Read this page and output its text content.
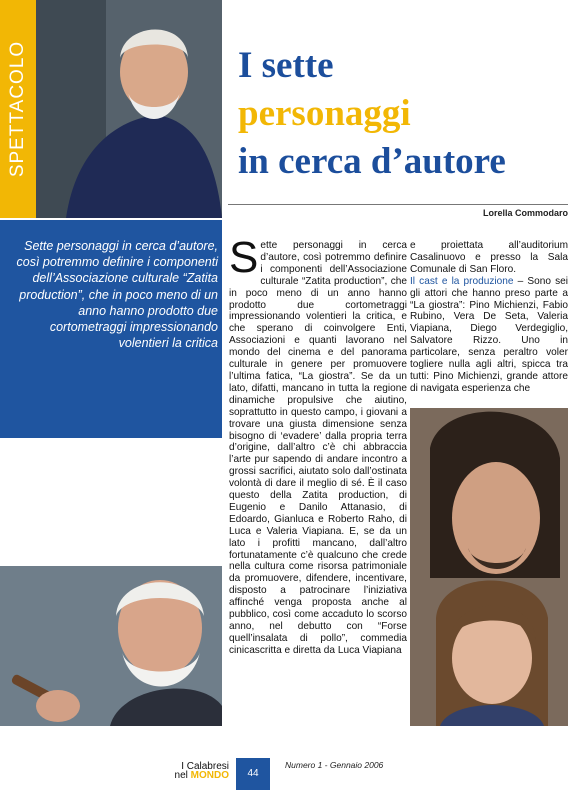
SPETTACOLO	I sette
personaggi
in cerca d’autore
Lorella Commodaro
Sette personaggi in cerca d’autore, così potremmo definire i componenti dell’Associazione culturale “Zatita production”, che in poco meno di un anno hanno prodotto due cortometraggi impressionando volentieri la critica
Sette personaggi in cerca d’autore, così potremmo definire i componenti dell’Associazione culturale “Zatita production”, che in poco meno di un anno hanno prodotto due cortometraggi impressionando volentieri la critica, e che sperano di coinvolgere Enti, Associazioni e quanti lavorano nel mondo del cinema e del panorama culturale in genere per promuovere l’ultima fatica, “La giostra”. Se da un lato, difatti, mancano in tutta la regione dinamiche propulsive che aiutino, soprattutto in questo campo, i giovani a trovare una giusta dimensione senza bisogno di ‘evadere’ dalla propria terra d’origine, dall’altro c’è chi abbraccia l’arte pur sapendo di andare incontro a grossi sacrifici, aiutato solo dall’ostinata volontà di dare il meglio di sé. È il caso questo della Zatita production, di Eugenio e Danilo Attanasio, di Edoardo, Gianluca e Roberto Raho, di Luca e Valeria Viapiana. E, se da un lato i profitti mancano, dall’altro fortunatamente c’è qualcuno che crede nella cultura come risorsa patrimoniale da promuovere, difendere, incentivare, disposto a patrocinare l’iniziativa affinché venga proposta anche al pubblico, così come accaduto lo scorso anno, nel debutto con “Forse quell’insalata di pollo”, commedia cinicascritta e diretta da Luca Viapiana
e proiettata all’auditorium Casalinuovo e presso la Sala Comunale di San Floro.
Il cast e la produzione – Sono sei gli attori che hanno preso parte a “La giostra”: Pino Michienzi, Fabio Rubino, Vera De Seta, Valeria Viapiana, Diego Verdegiglio, Salvatore Rizzo. Uno in particolare, senza peraltro voler togliere nulla agli altri, spicca tra tutti: Pino Michienzi, grande attore di navigata esperienza che
I Calabresi
nel MONDO	44
Numero 1 - Gennaio 2006
